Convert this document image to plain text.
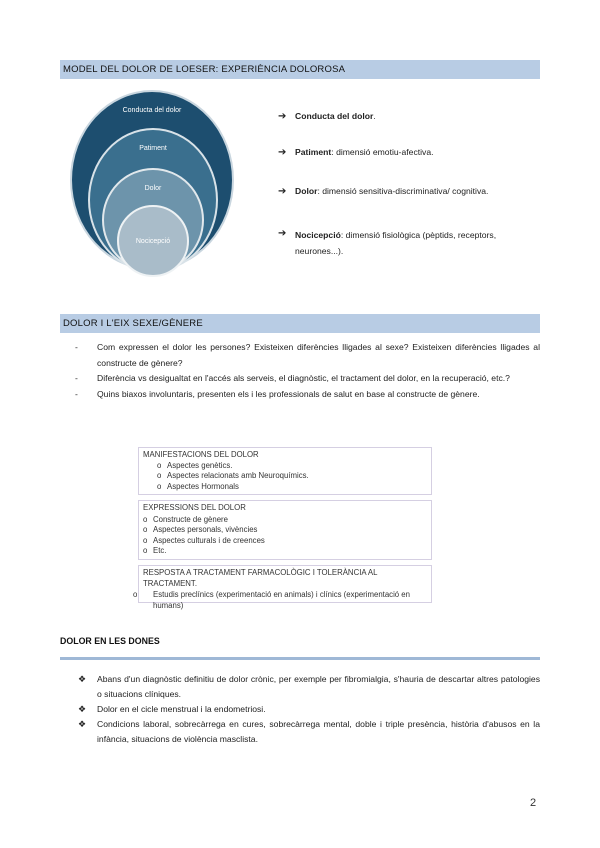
MODEL DEL DOLOR DE LOESER: EXPERIÈNCIA DOLOROSA
Conducta del dolor
Patiment
Dolor
Nocicepció
➔ Conducta del dolor.
➔ Patiment: dimensió emotiu-afectiva.
➔ Dolor: dimensió sensitiva-discriminativa/ cognitiva.
➔ Nocicepció: dimensió fisiològica (pèptids, receptors, neurones...).
DOLOR I L'EIX SEXE/GÈNERE
- Com expressen el dolor les persones? Existeixen diferències lligades al sexe? Existeixen diferències lligades al constructe de gènere?
- Diferència vs desigualtat en l'accés als serveis, el diagnòstic, el tractament del dolor, en la recuperació, etc.?
- Quins biaxos involuntaris, presenten els i les professionals de salut en base al constructe de gènere.
MANIFESTACIONS DEL DOLOR
o Aspectes genètics.
o Aspectes relacionats amb Neuroquímics.
o Aspectes Hormonals
EXPRESSIONS DEL DOLOR
o Constructe de gènere
o Aspectes personals, vivències
o Aspectes culturals i de creences
o Etc.
RESPOSTA A TRACTAMENT FARMACOLÒGIC I TOLERÀNCIA AL TRACTAMENT.
o Estudis preclínics (experimentació en animals) i clínics (experimentació en humans)
DOLOR EN LES DONES
❖ Abans d'un diagnòstic definitiu de dolor crònic, per exemple per fibromialgia, s'hauria de descartar altres patologies o situacions clíniques.
❖ Dolor en el cicle menstrual i la endometriosi.
❖ Condicions laboral, sobrecàrrega en cures, sobrecàrrega mental, doble i triple presència, història d'abusos en la infància, situacions de violència masclista.
2
